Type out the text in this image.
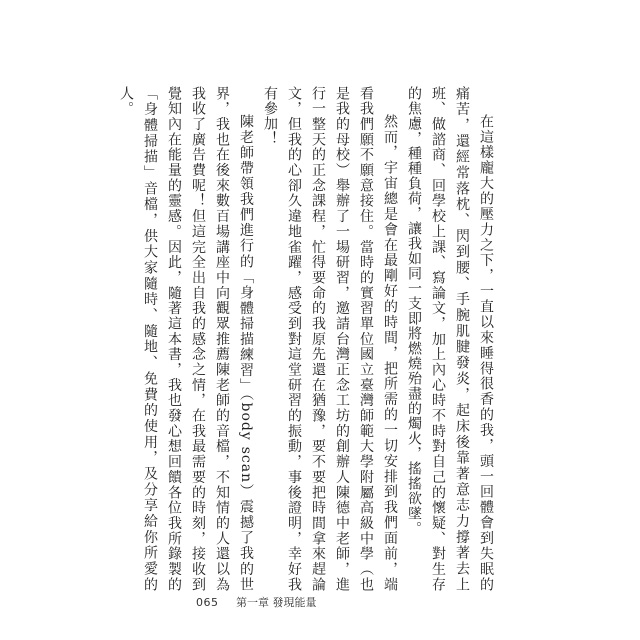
在這樣龐大的壓力之下，一直以來睡得很香的我，頭一回體會到失眠的痛苦，還經常落枕、閃到腰、手腕肌腱發炎，起床後靠著意志力撐著去上班、做諮商、回學校上課、寫論文，加上內心時不時對自己的懷疑、對生存的焦慮，種種負荷，讓我如同一支即將燃燒殆盡的燭火，搖搖欲墜。

然而，宇宙總是會在最剛好的時間，把所需的一切安排到我們面前，端看我們願不願意接住。當時的實習單位國立臺灣師範大學附屬高級中學（也是我的母校）舉辦了一場研習，邀請台灣正念工坊的創辦人陳德中老師，進行一整天的正念課程，忙得要命的我原先還在猶豫，要不要把時間拿來趕論文，但我的心卻久違地雀躍，感受到對這堂研習的振動，事後證明，幸好我有參加！

陳老師帶領我們進行的「身體掃描練習」（body scan）震撼了我的世界，我也在後來數百場講座中向觀眾推薦陳老師的音檔，不知情的人還以為我收了廣告費呢！但這完全出自我的感念之情，在我最需要的時刻，接收到覺知內在能量的靈感。因此，隨著這本書，我也發心想回饋各位我所錄製的「身體掃描」音檔，供大家隨時、隨地、免費的使用，及分享給你所愛的人。

065 第一章 發現能量
